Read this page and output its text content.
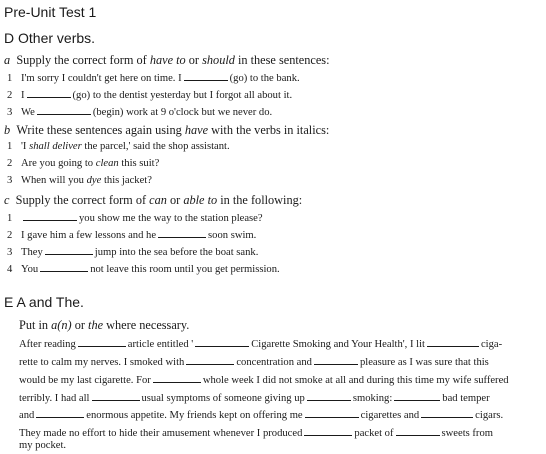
Pre-Unit Test 1
D Other verbs.
a Supply the correct form of have to or should in these sentences:
1 I'm sorry I couldn't get here on time. I	(go) to the bank.
2 I	(go) to the dentist yesterday but I forgot all about it.
3 We	(begin) work at 9 o'clock but we never do.
b Write these sentences again using have with the verbs in italics:
1 'I shall deliver the parcel,' said the shop assistant.
2 Are you going to clean this suit?
3 When will you dye this jacket?
c Supply the correct form of can or able to in the following:
1	you show me the way to the station please?
2 I gave him a few lessons and he	soon swim.
3 They	jump into the sea before the boat sank.
4 You	not leave this room until you get permission.
E A and The.
Put in a(n) or the where necessary.
After reading	article entitled '	Cigarette Smoking and Your Health', I lit	ciga-
rette to calm my nerves. I smoked with	concentration and	pleasure as I was sure that this
would be my last cigarette. For	whole week I did not smoke at all and during this time my wife suffered
terribly. I had all	usual symptoms of someone giving up	smoking:	bad temper
and	enormous appetite. My friends kept on offering me	cigarettes and	cigars.
They made no effort to hide their amusement whenever I produced	packet of	sweets from
my pocket.
